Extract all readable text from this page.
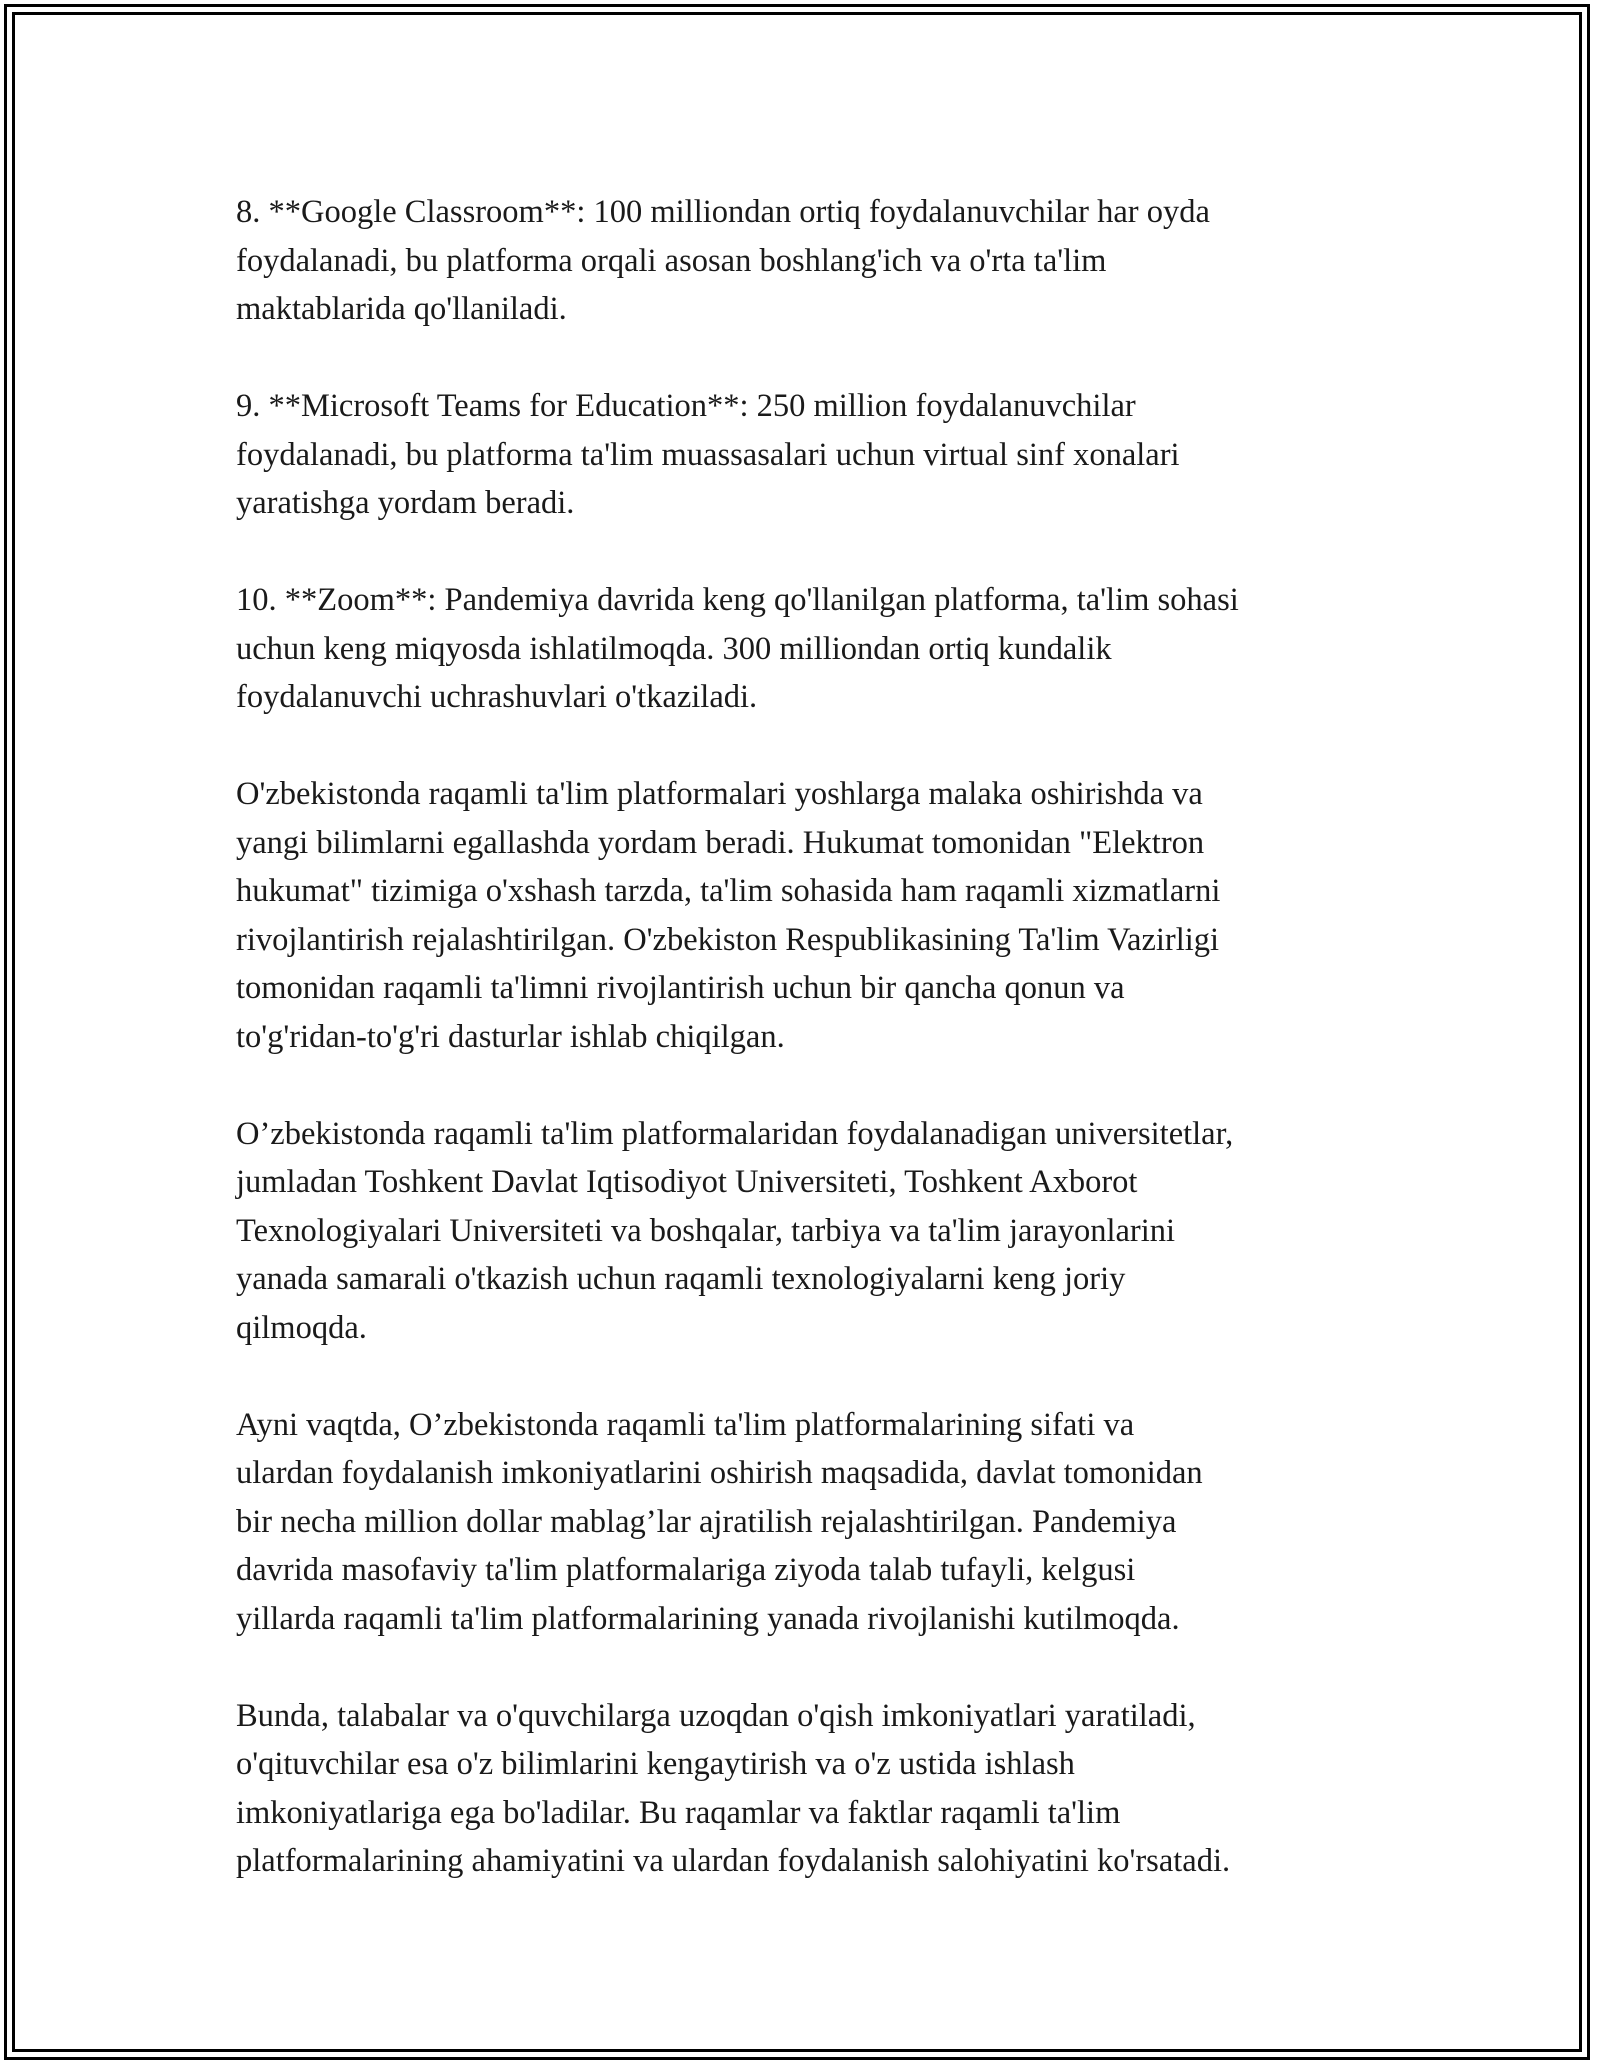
8. **Google Classroom**: 100 milliondan ortiq foydalanuvchilar har oyda
foydalanadi, bu platforma orqali asosan boshlang'ich va o'rta ta'lim
maktablarida qo'llaniladi.

9. **Microsoft Teams for Education**: 250 million foydalanuvchilar
foydalanadi, bu platforma ta'lim muassasalari uchun virtual sinf xonalari
yaratishga yordam beradi.

10. **Zoom**: Pandemiya davrida keng qo'llanilgan platforma, ta'lim sohasi
uchun keng miqyosda ishlatilmoqda. 300 milliondan ortiq kundalik
foydalanuvchi uchrashuvlari o'tkaziladi.

O'zbekistonda raqamli ta'lim platformalari yoshlarga malaka oshirishda va
yangi bilimlarni egallashda yordam beradi. Hukumat tomonidan "Elektron
hukumat" tizimiga o'xshash tarzda, ta'lim sohasida ham raqamli xizmatlarni
rivojlantirish rejalashtirilgan. O'zbekiston Respublikasining Ta'lim Vazirligi
tomonidan raqamli ta'limni rivojlantirish uchun bir qancha qonun va
to'g'ridan-to'g'ri dasturlar ishlab chiqilgan.

O’zbekistonda raqamli ta'lim platformalaridan foydalanadigan universitetlar,
jumladan Toshkent Davlat Iqtisodiyot Universiteti, Toshkent Axborot
Texnologiyalari Universiteti va boshqalar, tarbiya va ta'lim jarayonlarini
yanada samarali o'tkazish uchun raqamli texnologiyalarni keng joriy
qilmoqda.

Ayni vaqtda, O’zbekistonda raqamli ta'lim platformalarining sifati va
ulardan foydalanish imkoniyatlarini oshirish maqsadida, davlat tomonidan
bir necha million dollar mablag’lar ajratilish rejalashtirilgan. Pandemiya
davrida masofaviy ta'lim platformalariga ziyoda talab tufayli, kelgusi
yillarda raqamli ta'lim platformalarining yanada rivojlanishi kutilmoqda.

Bunda, talabalar va o'quvchilarga uzoqdan o'qish imkoniyatlari yaratiladi,
o'qituvchilar esa o'z bilimlarini kengaytirish va o'z ustida ishlash
imkoniyatlariga ega bo'ladilar. Bu raqamlar va faktlar raqamli ta'lim
platformalarining ahamiyatini va ulardan foydalanish salohiyatini ko'rsatadi.
